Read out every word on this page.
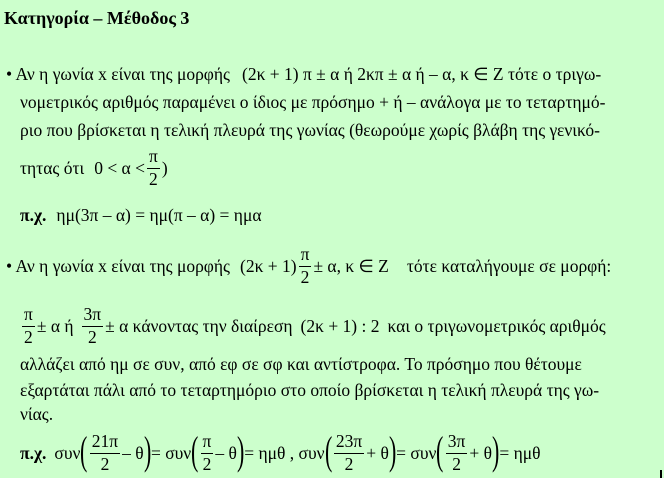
Κατηγορία – Μέθοδος 3
• Αν η γωνία x είναι της μορφής (2κ + 1) π ± α ή 2κπ ± α ή – α, κ ∈ Z τότε ο τριγω-
νομετρικός αριθμός παραμένει ο ίδιος με πρόσημο + ή – ανάλογα με το τεταρτημό-
ριο που βρίσκεται η τελική πλευρά της γωνίας (θεωρούμε χωρίς βλάβη της γενικό-
τητας ότι $0 < \alpha < \frac{\pi}{2}$ )
π.χ. ημ(3π – α) = ημ(π – α) = ημα
• Αν η γωνία x είναι της μορφής $(2\kappa + 1) \frac{\pi}{2} \pm \alpha$, κ ∈ Z τότε καταλήγουμε σε μορφή:
$\frac{\pi}{2} \pm \alpha$ ή $\frac{3\pi}{2} \pm \alpha$ κάνοντας την διαίρεση (2κ + 1) : 2 και ο τριγωνομετρικός αριθμός
αλλάζει από ημ σε συν, από εφ σε σφ και αντίστροφα. Το πρόσημο που θέτουμε
εξαρτάται πάλι από το τεταρτημόριο στο οποίο βρίσκεται η τελική πλευρά της γω-
νίας.
π.χ. συν ( $\frac{21\pi}{2}$ – θ ) = συν ( $\frac{\pi}{2}$ – θ ) = ημθ , συν ( $\frac{23\pi}{2} + \theta$ ) = συν ( $\frac{3\pi}{2} + \theta$ ) = ημθ
